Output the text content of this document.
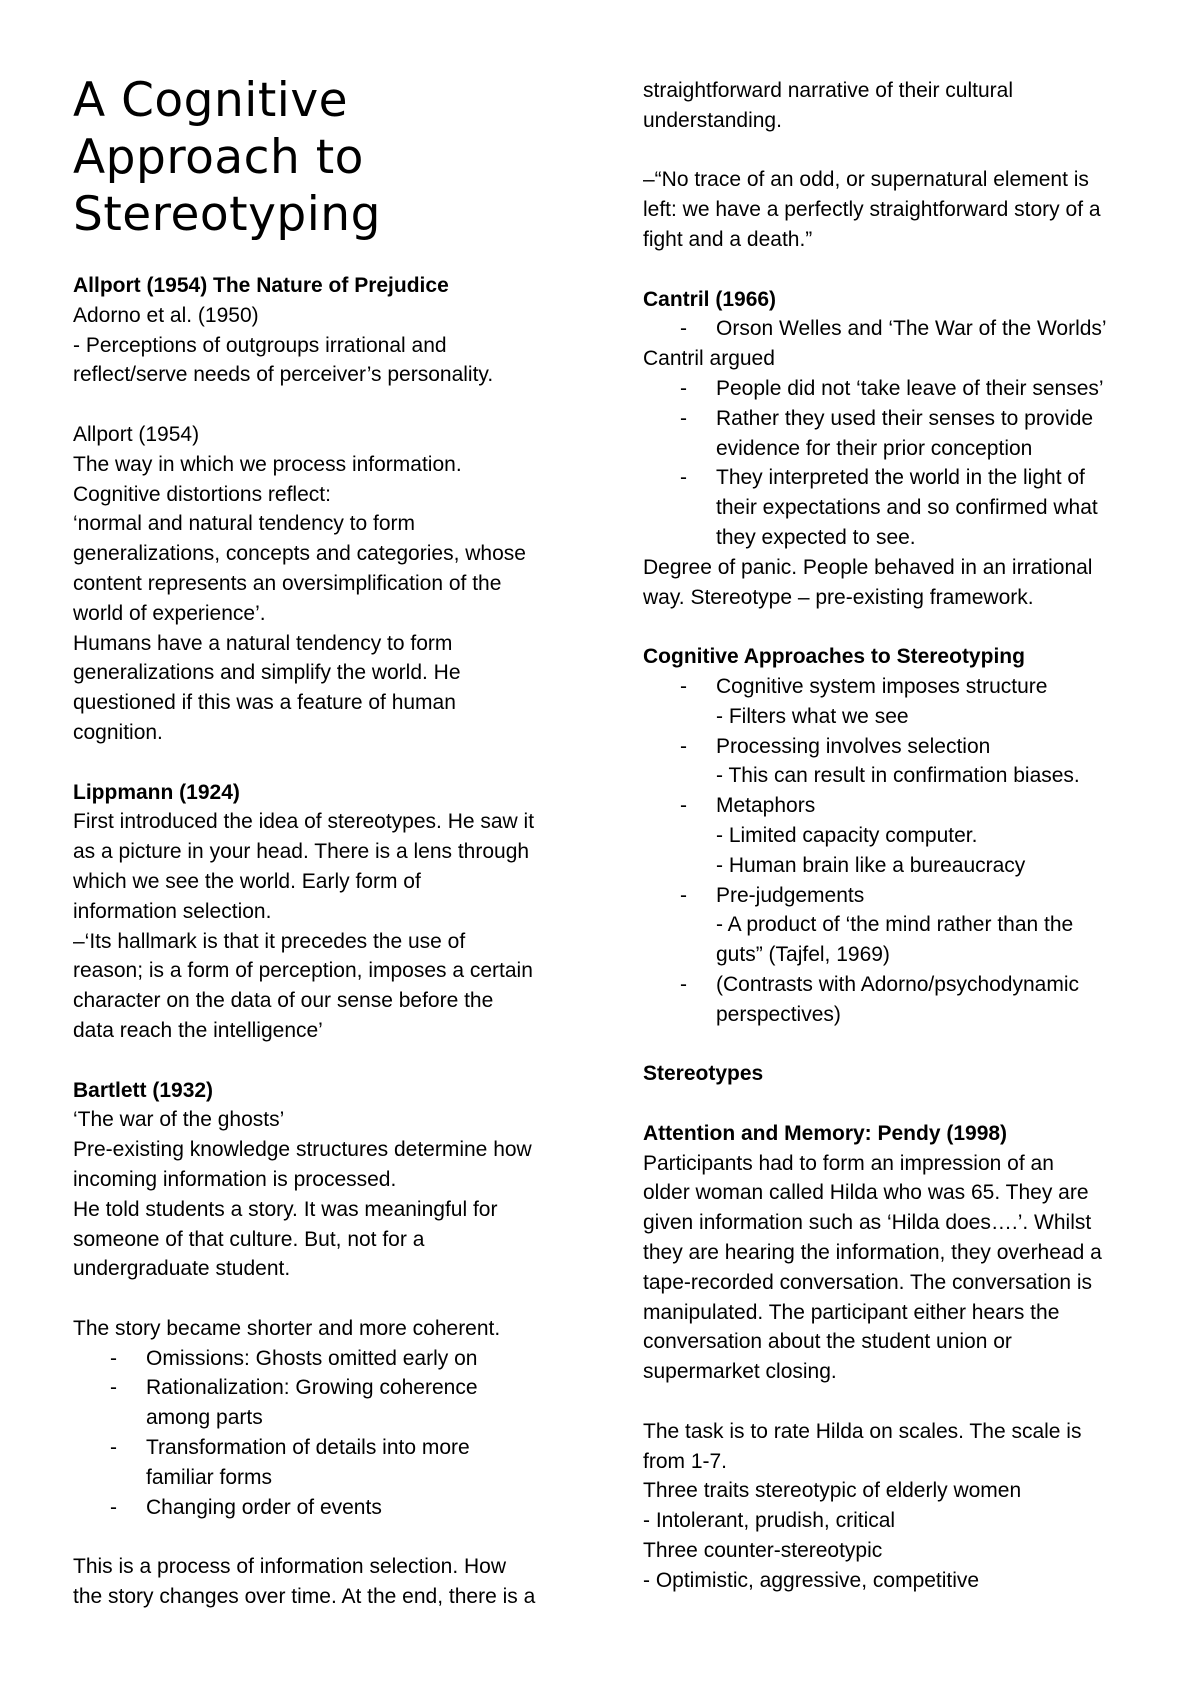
A Cognitive
Approach to
Stereotyping
Allport (1954) The Nature of Prejudice
Adorno et al. (1950)
- Perceptions of outgroups irrational and
reflect/serve needs of perceiver’s personality.
Allport (1954)
The way in which we process information.
Cognitive distortions reflect:
‘normal and natural tendency to form
generalizations, concepts and categories, whose
content represents an oversimplification of the
world of experience’.
Humans have a natural tendency to form
generalizations and simplify the world. He
questioned if this was a feature of human
cognition.
Lippmann (1924)
First introduced the idea of stereotypes. He saw it
as a picture in your head. There is a lens through
which we see the world. Early form of
information selection.
–‘Its hallmark is that it precedes the use of
reason; is a form of perception, imposes a certain
character on the data of our sense before the
data reach the intelligence’
Bartlett (1932)
‘The war of the ghosts’
Pre-existing knowledge structures determine how
incoming information is processed.
He told students a story. It was meaningful for
someone of that culture. But, not for a
undergraduate student.
The story became shorter and more coherent.
- Omissions: Ghosts omitted early on
- Rationalization: Growing coherence
among parts
- Transformation of details into more
familiar forms
- Changing order of events
This is a process of information selection. How
the story changes over time. At the end, there is a
straightforward narrative of their cultural
understanding.
–“No trace of an odd, or supernatural element is
left: we have a perfectly straightforward story of a
fight and a death.”
Cantril (1966)
- Orson Welles and ‘The War of the Worlds’
Cantril argued
- People did not ‘take leave of their senses’
- Rather they used their senses to provide
evidence for their prior conception
- They interpreted the world in the light of
their expectations and so confirmed what
they expected to see.
Degree of panic. People behaved in an irrational
way. Stereotype – pre-existing framework.
Cognitive Approaches to Stereotyping
- Cognitive system imposes structure
- Filters what we see
- Processing involves selection
- This can result in confirmation biases.
- Metaphors
- Limited capacity computer.
- Human brain like a bureaucracy
- Pre-judgements
- A product of ‘the mind rather than the
guts” (Tajfel, 1969)
- (Contrasts with Adorno/psychodynamic
perspectives)
Stereotypes
Attention and Memory: Pendy (1998)
Participants had to form an impression of an
older woman called Hilda who was 65. They are
given information such as ‘Hilda does….’. Whilst
they are hearing the information, they overhead a
tape-recorded conversation. The conversation is
manipulated. The participant either hears the
conversation about the student union or
supermarket closing.
The task is to rate Hilda on scales. The scale is
from 1-7.
Three traits stereotypic of elderly women
- Intolerant, prudish, critical
Three counter-stereotypic
- Optimistic, aggressive, competitive
